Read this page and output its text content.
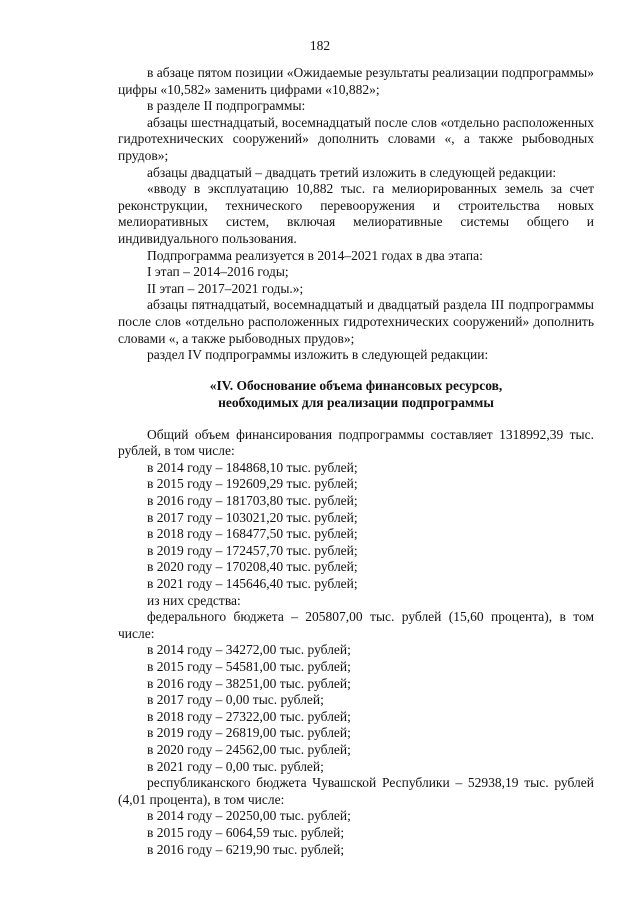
182

в абзаце пятом позиции «Ожидаемые результаты реализации подпрограммы» цифры «10,582» заменить цифрами «10,882»;

в разделе II подпрограммы:

абзацы шестнадцатый, восемнадцатый после слов «отдельно расположенных гидротехнических сооружений» дополнить словами «, а также рыбоводных прудов»;

абзацы двадцатый – двадцать третий изложить в следующей редакции:

«вводу в эксплуатацию 10,882 тыс. га мелиорированных земель за счет реконструкции, технического перевооружения и строительства новых мелиоративных систем, включая мелиоративные системы общего и индивидуального пользования.

Подпрограмма реализуется в 2014–2021 годах в два этапа:

I этап – 2014–2016 годы;

II этап – 2017–2021 годы.»;

абзацы пятнадцатый, восемнадцатый и двадцатый раздела III подпрограммы после слов «отдельно расположенных гидротехнических сооружений» дополнить словами «, а также рыбоводных прудов»;

раздел IV подпрограммы изложить в следующей редакции:

«IV. Обоснование объема финансовых ресурсов,
необходимых для реализации подпрограммы

Общий объем финансирования подпрограммы составляет 1318992,39 тыс. рублей, в том числе:

в 2014 году – 184868,10 тыс. рублей;

в 2015 году – 192609,29 тыс. рублей;

в 2016 году – 181703,80 тыс. рублей;

в 2017 году – 103021,20 тыс. рублей;

в 2018 году – 168477,50 тыс. рублей;

в 2019 году – 172457,70 тыс. рублей;

в 2020 году – 170208,40 тыс. рублей;

в 2021 году – 145646,40 тыс. рублей;

из них средства:

федерального бюджета – 205807,00 тыс. рублей (15,60 процента), в том числе:

в 2014 году – 34272,00 тыс. рублей;

в 2015 году – 54581,00 тыс. рублей;

в 2016 году – 38251,00 тыс. рублей;

в 2017 году – 0,00 тыс. рублей;

в 2018 году – 27322,00 тыс. рублей;

в 2019 году – 26819,00 тыс. рублей;

в 2020 году – 24562,00 тыс. рублей;

в 2021 году – 0,00 тыс. рублей;

республиканского бюджета Чувашской Республики – 52938,19 тыс. рублей (4,01 процента), в том числе:

в 2014 году – 20250,00 тыс. рублей;

в 2015 году – 6064,59 тыс. рублей;

в 2016 году – 6219,90 тыс. рублей;
